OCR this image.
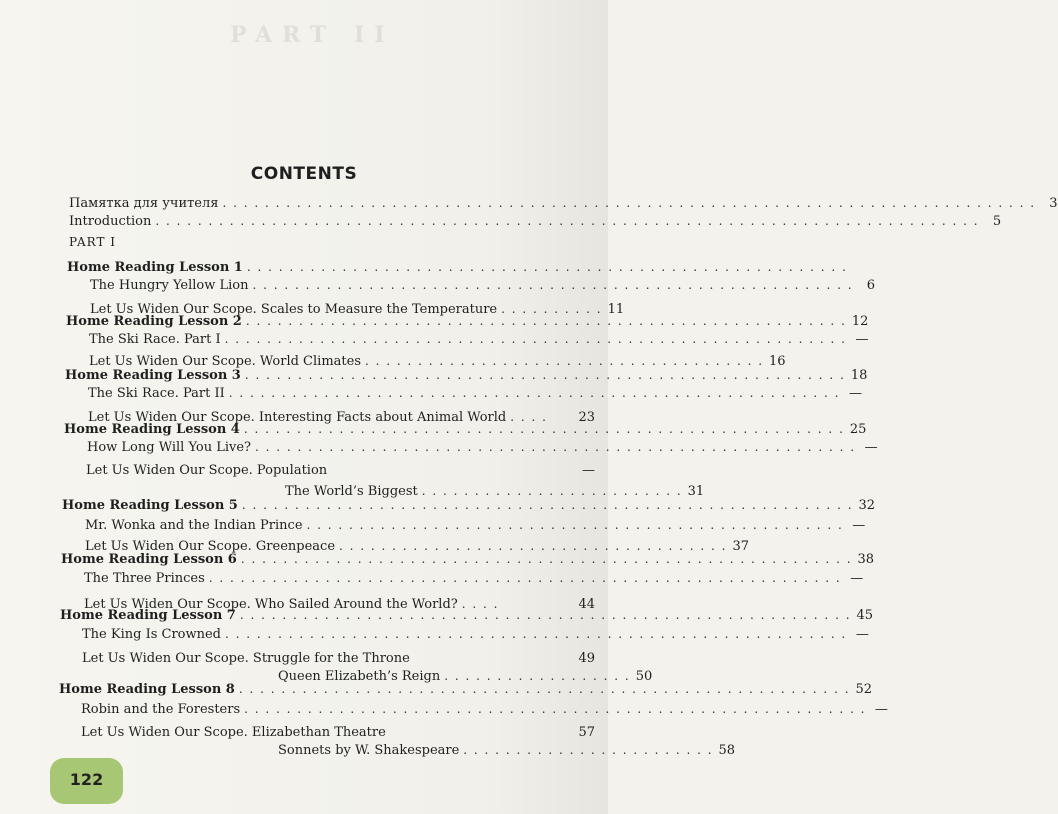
PART II
CONTENTS
Памятка для учителя . . . . . . . . . . . . . . . . . . . . . . . . . . . . . . . . . . . . . . . . . . . . . . . . . . . . . . . . . . . . . . . . . . . . . . . . . . . . .	3
Introduction . . . . . . . . . . . . . . . . . . . . . . . . . . . . . . . . . . . . . . . . . . . . . . . . . . . . . . . . . . . . . . . . . . . . . . . . . . . . . .	5
PART I
Home Reading Lesson 1 . . . . . . . . . . . . . . . . . . . . . . . . . . . . . . . . . . . . . . . . . . . . . . . . . . . . . . . . .
The Hungry Yellow Lion . . . . . . . . . . . . . . . . . . . . . . . . . . . . . . . . . . . . . . . . . . . . . . . . . . . . . . . . .	6
Let Us Widen Our Scope. Scales to Measure the Temperature . . . . . . . . . . 11
Home Reading Lesson 2 . . . . . . . . . . . . . . . . . . . . . . . . . . . . . . . . . . . . . . . . . . . . . . . . . . . . . . . . . 12
The Ski Race. Part I . . . . . . . . . . . . . . . . . . . . . . . . . . . . . . . . . . . . . . . . . . . . . . . . . . . . . . . . . . . —
Let Us Widen Our Scope. World Climates . . . . . . . . . . . . . . . . . . . . . . . . . . . . . . . . . . . . . . 16
Home Reading Lesson 3 . . . . . . . . . . . . . . . . . . . . . . . . . . . . . . . . . . . . . . . . . . . . . . . . . . . . . . . . . 18
The Ski Race. Part II . . . . . . . . . . . . . . . . . . . . . . . . . . . . . . . . . . . . . . . . . . . . . . . . . . . . . . . . . . —
Let Us Widen Our Scope. Interesting Facts about Animal World . . . .	23
Home Reading Lesson 4 . . . . . . . . . . . . . . . . . . . . . . . . . . . . . . . . . . . . . . . . . . . . . . . . . . . . . . . . . 25
How Long Will You Live? . . . . . . . . . . . . . . . . . . . . . . . . . . . . . . . . . . . . . . . . . . . . . . . . . . . . . . . . . —
Let Us Widen Our Scope. Population	—
The World’s Biggest . . . . . . . . . . . . . . . . . . . . . . . . . 31
Home Reading Lesson 5 . . . . . . . . . . . . . . . . . . . . . . . . . . . . . . . . . . . . . . . . . . . . . . . . . . . . . . . . . . 32
Mr. Wonka and the Indian Prince . . . . . . . . . . . . . . . . . . . . . . . . . . . . . . . . . . . . . . . . . . . . . . . . . . . —
Let Us Widen Our Scope. Greenpeace . . . . . . . . . . . . . . . . . . . . . . . . . . . . . . . . . . . . . 37
Home Reading Lesson 6 . . . . . . . . . . . . . . . . . . . . . . . . . . . . . . . . . . . . . . . . . . . . . . . . . . . . . . . . . . 38
The Three Princes . . . . . . . . . . . . . . . . . . . . . . . . . . . . . . . . . . . . . . . . . . . . . . . . . . . . . . . . . . . . —
Let Us Widen Our Scope. Who Sailed Around the World? . . . .	44
Home Reading Lesson 7 . . . . . . . . . . . . . . . . . . . . . . . . . . . . . . . . . . . . . . . . . . . . . . . . . . . . . . . . . . 45
The King Is Crowned . . . . . . . . . . . . . . . . . . . . . . . . . . . . . . . . . . . . . . . . . . . . . . . . . . . . . . . . . . . —
Let Us Widen Our Scope. Struggle for the Throne	49
Queen Elizabeth’s Reign . . . . . . . . . . . . . . . . . . 50
Home Reading Lesson 8 . . . . . . . . . . . . . . . . . . . . . . . . . . . . . . . . . . . . . . . . . . . . . . . . . . . . . . . . . . 52
Robin and the Foresters . . . . . . . . . . . . . . . . . . . . . . . . . . . . . . . . . . . . . . . . . . . . . . . . . . . . . . . . . . . —
Let Us Widen Our Scope. Elizabethan Theatre	57
Sonnets by W. Shakespeare . . . . . . . . . . . . . . . . . . . . . . . . 58
122
